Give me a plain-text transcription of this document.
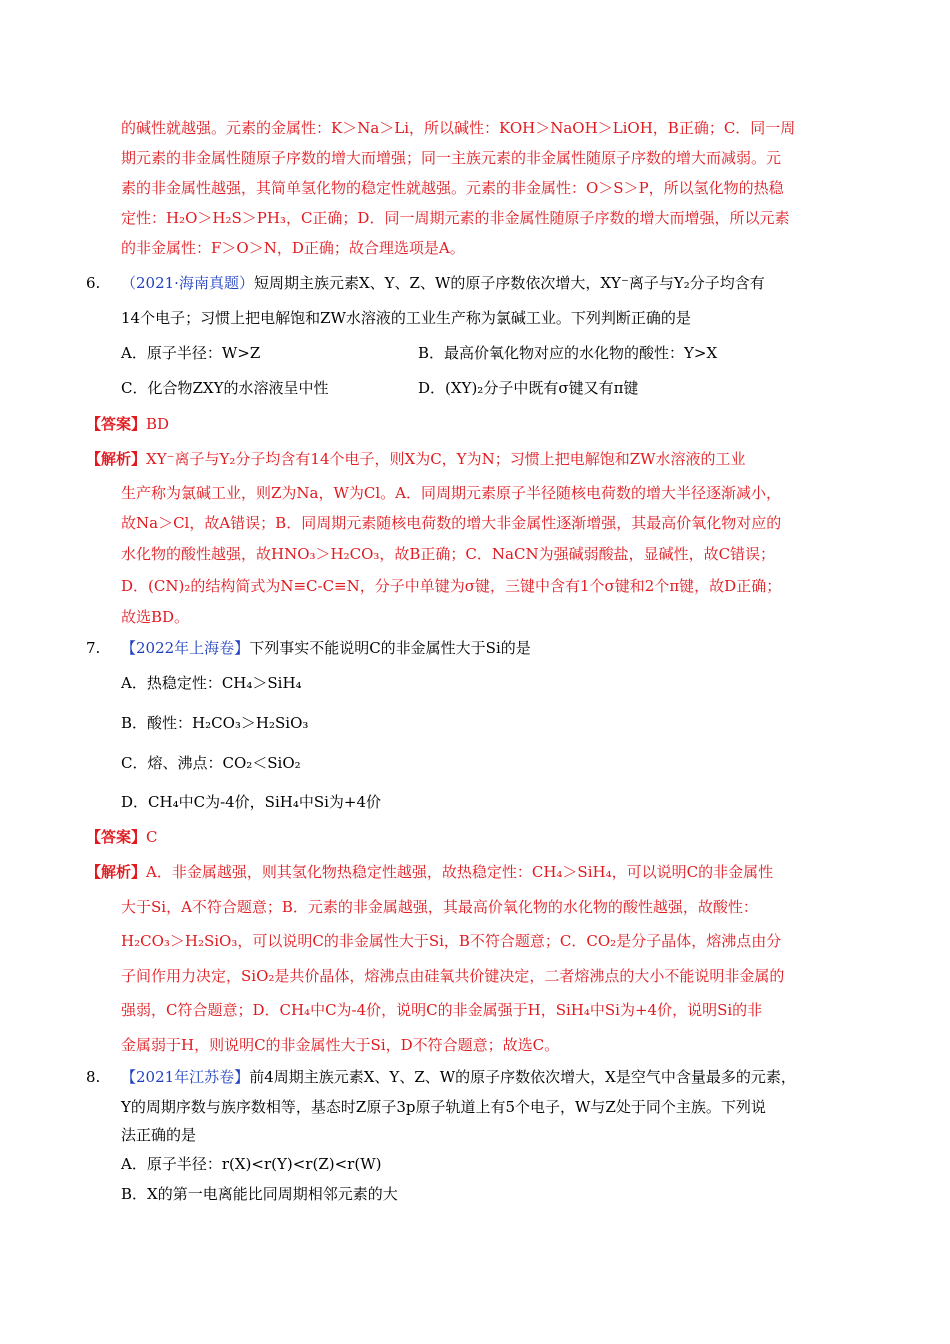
的碱性就越强。元素的金属性：K＞Na＞Li，所以碱性：KOH＞NaOH＞LiOH，B正确；C．同一周
期元素的非金属性随原子序数的增大而增强；同一主族元素的非金属性随原子序数的增大而减弱。元
素的非金属性越强，其简单氢化物的稳定性就越强。元素的非金属性：O＞S＞P，所以氢化物的热稳
定性：H₂O＞H₂S＞PH₃，C正确；D．同一周期元素的非金属性随原子序数的增大而增强，所以元素
的非金属性：F＞O＞N，D正确；故合理选项是A。
6. （2021·海南真题）短周期主族元素X、Y、Z、W的原子序数依次增大，XY⁻离子与Y₂分子均含有
14个电子；习惯上把电解饱和ZW水溶液的工业生产称为氯碱工业。下列判断正确的是
A．原子半径：W>Z	B．最高价氧化物对应的水化物的酸性：Y>X
C．化合物ZXY的水溶液呈中性	D．(XY)₂分子中既有σ键又有π键
【答案】BD
【解析】XY⁻离子与Y₂分子均含有14个电子，则X为C，Y为N；习惯上把电解饱和ZW水溶液的工业
生产称为氯碱工业，则Z为Na，W为Cl。A．同周期元素原子半径随核电荷数的增大半径逐渐减小，
故Na＞Cl，故A错误；B．同周期元素随核电荷数的增大非金属性逐渐增强，其最高价氧化物对应的
水化物的酸性越强，故HNO₃＞H₂CO₃，故B正确；C．NaCN为强碱弱酸盐，显碱性，故C错误；
D．(CN)₂的结构简式为N≡C-C≡N，分子中单键为σ键，三键中含有1个σ键和2个π键，故D正确；
故选BD。
7. 【2022年上海卷】下列事实不能说明C的非金属性大于Si的是
A．热稳定性：CH₄＞SiH₄
B．酸性：H₂CO₃＞H₂SiO₃
C．熔、沸点：CO₂＜SiO₂
D．CH₄中C为-4价，SiH₄中Si为+4价
【答案】C
【解析】A．非金属越强，则其氢化物热稳定性越强，故热稳定性：CH₄＞SiH₄，可以说明C的非金属性
大于Si，A不符合题意；B．元素的非金属越强，其最高价氧化物的水化物的酸性越强，故酸性：
H₂CO₃＞H₂SiO₃，可以说明C的非金属性大于Si，B不符合题意；C．CO₂是分子晶体，熔沸点由分
子间作用力决定，SiO₂是共价晶体，熔沸点由硅氧共价键决定，二者熔沸点的大小不能说明非金属的
强弱，C符合题意；D．CH₄中C为-4价，说明C的非金属强于H，SiH₄中Si为+4价，说明Si的非
金属弱于H，则说明C的非金属性大于Si，D不符合题意；故选C。
8. 【2021年江苏卷】前4周期主族元素X、Y、Z、W的原子序数依次增大，X是空气中含量最多的元素，
Y的周期序数与族序数相等，基态时Z原子3p原子轨道上有5个电子，W与Z处于同个主族。下列说
法正确的是
A．原子半径：r(X)<r(Y)<r(Z)<r(W)
B．X的第一电离能比同周期相邻元素的大
